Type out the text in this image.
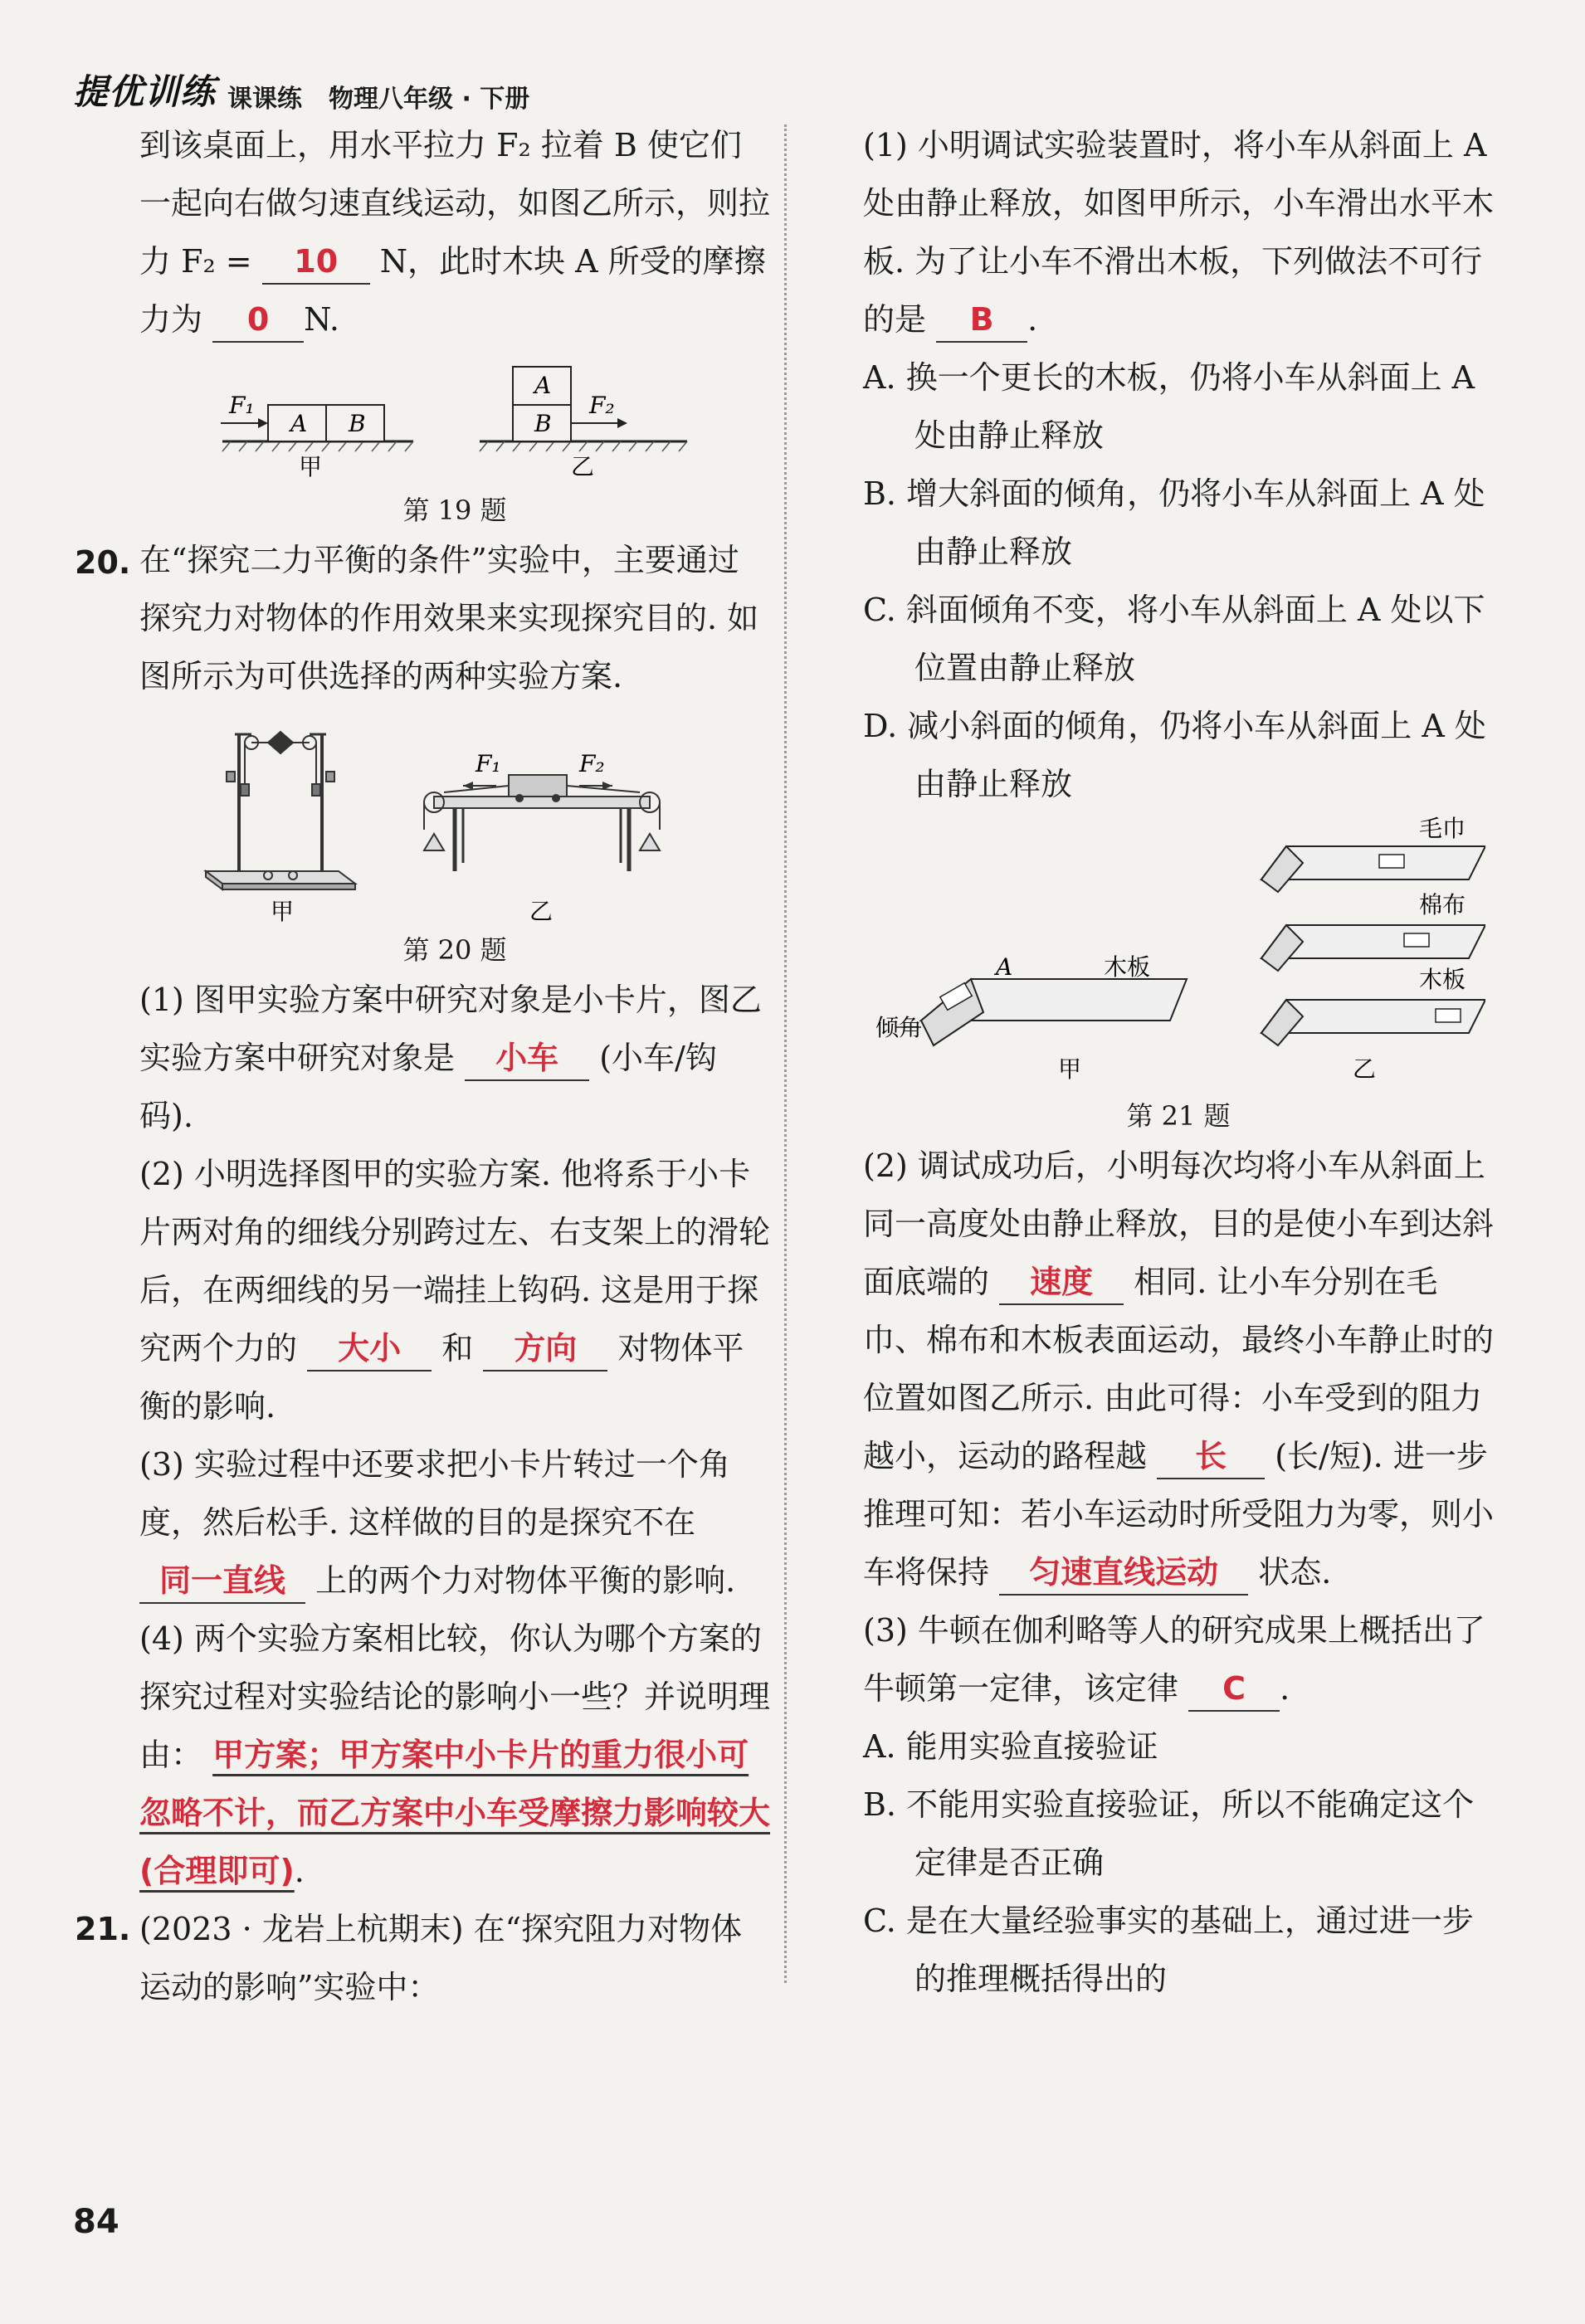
提优训练 课课练 物理八年级 · 下册

到该桌面上，用水平拉力 F₂ 拉着 B 使它们一起向右做匀速直线运动，如图乙所示，则拉力 F₂ = 10 N，此时木块 A 所受的摩擦力为 0 N.

A B
F₁
甲
A
B
F₂
乙
第 19 题
20. 在“探究二力平衡的条件”实验中，主要通过探究力对物体的作用效果来实现探究目的. 如图所示为可供选择的两种实验方案.

甲
F₁	F₂
乙
第 20 题

(1) 图甲实验方案中研究对象是小卡片，图乙实验方案中研究对象是 小车 (小车/钩码).

(2) 小明选择图甲的实验方案. 他将系于小卡片两对角的细线分别跨过左、右支架上的滑轮后，在两细线的另一端挂上钩码. 这是用于探究两个力的 大小 和 方向 对物体平衡的影响.

(3) 实验过程中还要求把小卡片转过一个角度，然后松手. 这样做的目的是探究不在 同一直线 上的两个力对物体平衡的影响.

(4) 两个实验方案相比较，你认为哪个方案的探究过程对实验结论的影响小一些？并说明理由： 甲方案；甲方案中小卡片的重力很小可忽略不计，而乙方案中小车受摩擦力影响较大(合理即可).

21. (2023 · 龙岩上杭期末) 在“探究阻力对物体运动的影响”实验中：

(1) 小明调试实验装置时，将小车从斜面上 A 处由静止释放，如图甲所示，小车滑出水平木板. 为了让小车不滑出木板，下列做法不可行的是 B .

A. 换一个更长的木板，仍将小车从斜面上 A 处由静止释放

B. 增大斜面的倾角，仍将小车从斜面上 A 处由静止释放

C. 斜面倾角不变，将小车从斜面上 A 处以下位置由静止释放

D. 减小斜面的倾角，仍将小车从斜面上 A 处由静止释放

倾角
A	木板
甲
毛巾
棉布
木板
乙
第 21 题

(2) 调试成功后，小明每次均将小车从斜面上同一高度处由静止释放，目的是使小车到达斜面底端的 速度 相同. 让小车分别在毛巾、棉布和木板表面运动，最终小车静止时的位置如图乙所示. 由此可得：小车受到的阻力越小，运动的路程越 长 (长/短). 进一步推理可知：若小车运动时所受阻力为零，则小车将保持 匀速直线运动 状态.

(3) 牛顿在伽利略等人的研究成果上概括出了牛顿第一定律，该定律 C .

A. 能用实验直接验证

B. 不能用实验直接验证，所以不能确定这个定律是否正确

C. 是在大量经验事实的基础上，通过进一步的推理概括得出的

84
